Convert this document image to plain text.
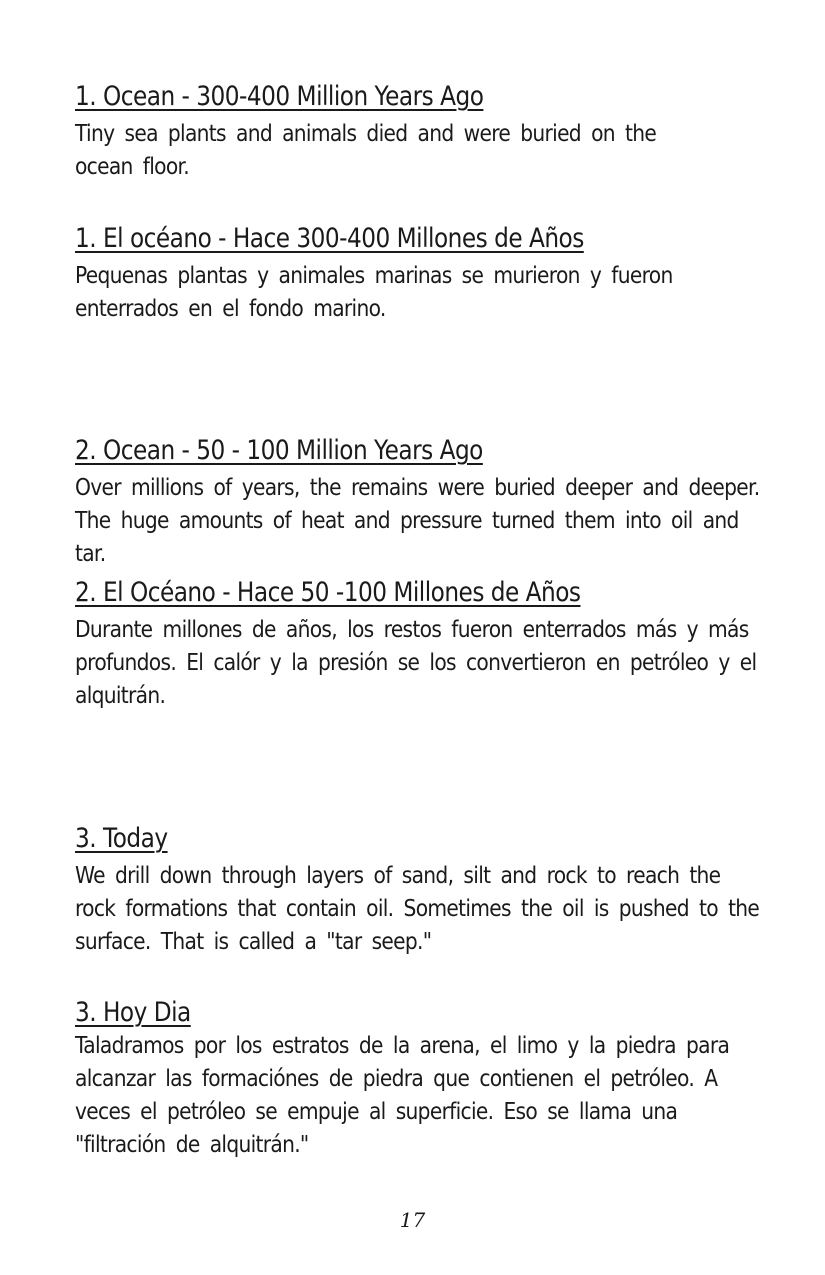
1. Ocean - 300-400 Million Years Ago

Tiny sea plants and animals died and were buried on the ocean floor.

1. El océano - Hace 300-400 Millones de Años

Pequenas plantas y animales marinas se murieron y fueron enterrados en el fondo marino.

2. Ocean - 50 - 100 Million Years Ago

Over millions of years, the remains were buried deeper and deeper. The huge amounts of heat and pressure turned them into oil and tar.

2. El Océano - Hace 50 -100 Millones de Años

Durante millones de años, los restos fueron enterrados más y más profundos. El calór y la presión se los convertieron en petróleo y el alquitrán.

3. Today

We drill down through layers of sand, silt and rock to reach the rock formations that contain oil. Sometimes the oil is pushed to the surface. That is called a "tar seep."

3. Hoy Dia

Taladramos por los estratos de la arena, el limo y la piedra para alcanzar las formaciónes de piedra que contienen el petróleo. A veces el petróleo se empuje al superficie. Eso se llama una "filtración de alquitrán."

17
